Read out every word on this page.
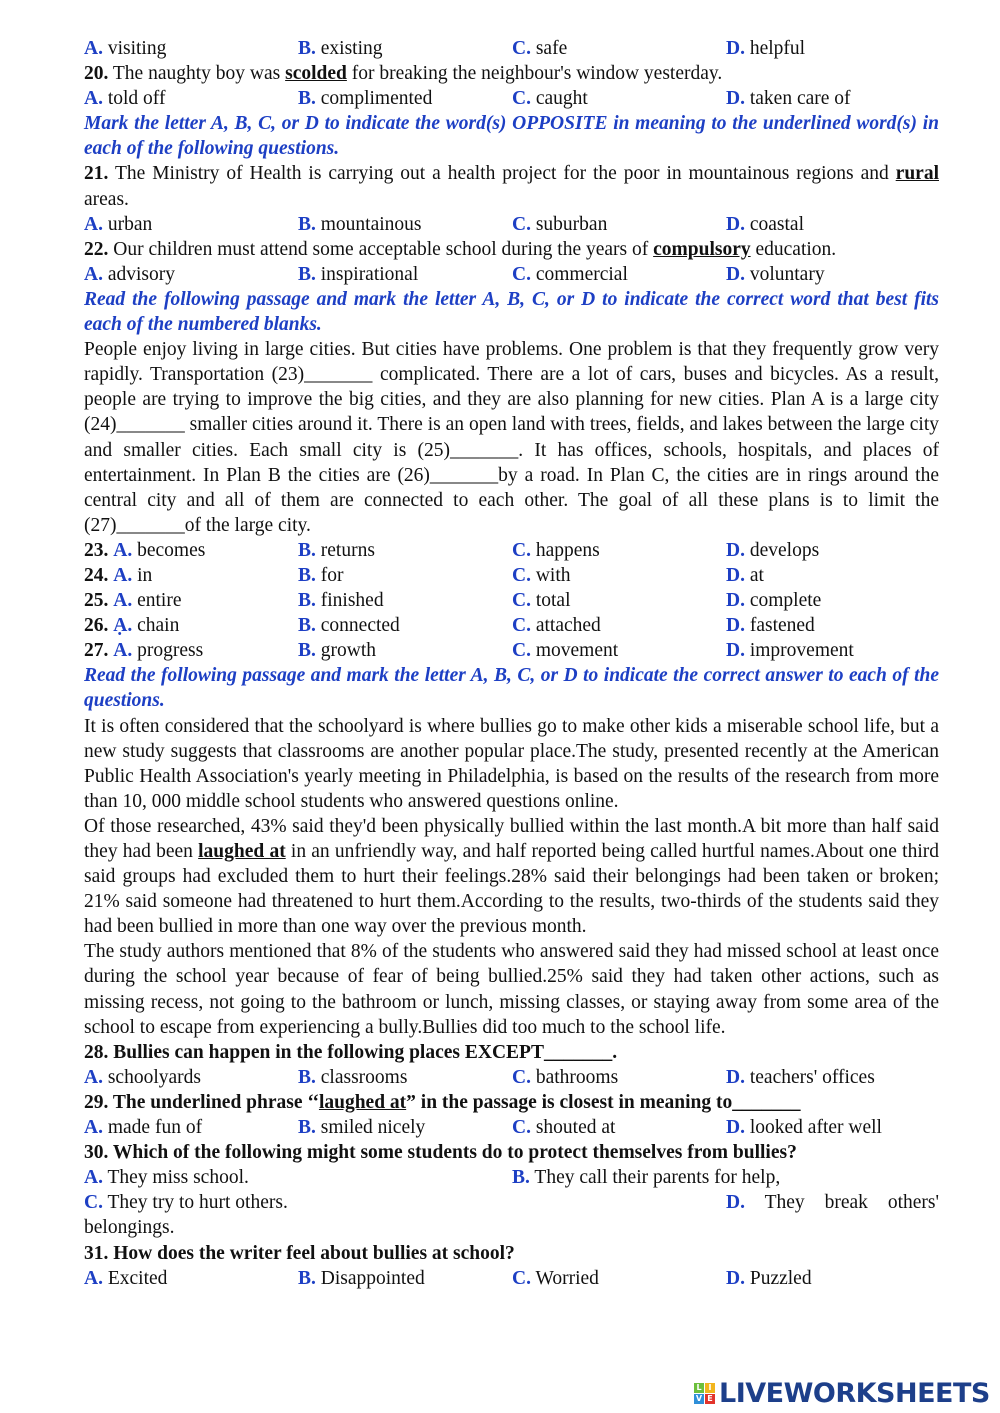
A. visiting	B. existing	C. safe	D. helpful
20. The naughty boy was scolded for breaking the neighbour's window yesterday.
A. told off	B. complimented	C. caught	D. taken care of
Mark the letter A, B, C, or D to indicate the word(s) OPPOSITE in meaning to the underlined word(s) in each of the following questions.
21. The Ministry of Health is carrying out a health project for the poor in mountainous regions and rural areas.
A. urban	B. mountainous	C. suburban	D. coastal
22. Our children must attend some acceptable school during the years of compulsory education.
A. advisory	B. inspirational	C. commercial	D. voluntary
Read the following passage and mark the letter A, B, C, or D to indicate the correct word that best fits each of the numbered blanks.
People enjoy living in large cities. But cities have problems. One problem is that they frequently grow very rapidly. Transportation (23)_______ complicated. There are a lot of cars, buses and bicycles. As a result, people are trying to improve the big cities, and they are also planning for new cities. Plan A is a large city (24)_______ smaller cities around it. There is an open land with trees, fields, and lakes between the large city and smaller cities. Each small city is (25)_______. It has offices, schools, hospitals, and places of entertainment. In Plan B the cities are (26)_______by a road. In Plan C, the cities are in rings around the central city and all of them are connected to each other. The goal of all these plans is to limit the (27)_______of the large city.
23. A. becomes	B. returns	C. happens	D. develops
24. A. in	B. for	C. with	D. at
25. A. entire	B. finished	C. total	D. complete
26. Ạ. chain	B. connected	C. attached	D. fastened
27. A. progress	B. growth	C. movement	D. improvement
Read the following passage and mark the letter A, B, C, or D to indicate the correct answer to each of the questions.
It is often considered that the schoolyard is where bullies go to make other kids a miserable school life, but a new study suggests that classrooms are another popular place.The study, presented recently at the American Public Health Association's yearly meeting in Philadelphia, is based on the results of the research from more than 10, 000 middle school students who answered questions online.
Of those researched, 43% said they'd been physically bullied within the last month.A bit more than half said they had been laughed at in an unfriendly way, and half reported being called hurtful names.About one third said groups had excluded them to hurt their feelings.28% said their belongings had been taken or broken; 21% said someone had threatened to hurt them.According to the results, two-thirds of the students said they had been bullied in more than one way over the previous month.
The study authors mentioned that 8% of the students who answered said they had missed school at least once during the school year because of fear of being bullied.25% said they had taken other actions, such as missing recess, not going to the bathroom or lunch, missing classes, or staying away from some area of the school to escape from experiencing a bully.Bullies did too much to the school life.
28. Bullies can happen in the following places EXCEPT_______.
A. schoolyards	B. classrooms	C. bathrooms	D. teachers' offices
29. The underlined phrase ‘‘laughed at” in the passage is closest in meaning to_______
A. made fun of	B. smiled nicely	C. shouted at	D. looked after well
30. Which of the following might some students do to protect themselves from bullies?
A. They miss school.	B. They call their parents for help,
C. They try to hurt others.	D. They break others'
belongings.
31. How does the writer feel about bullies at school?
A. Excited	B. Disappointed	C. Worried	D. Puzzled
L I
V E LIVEWORKSHEETS
